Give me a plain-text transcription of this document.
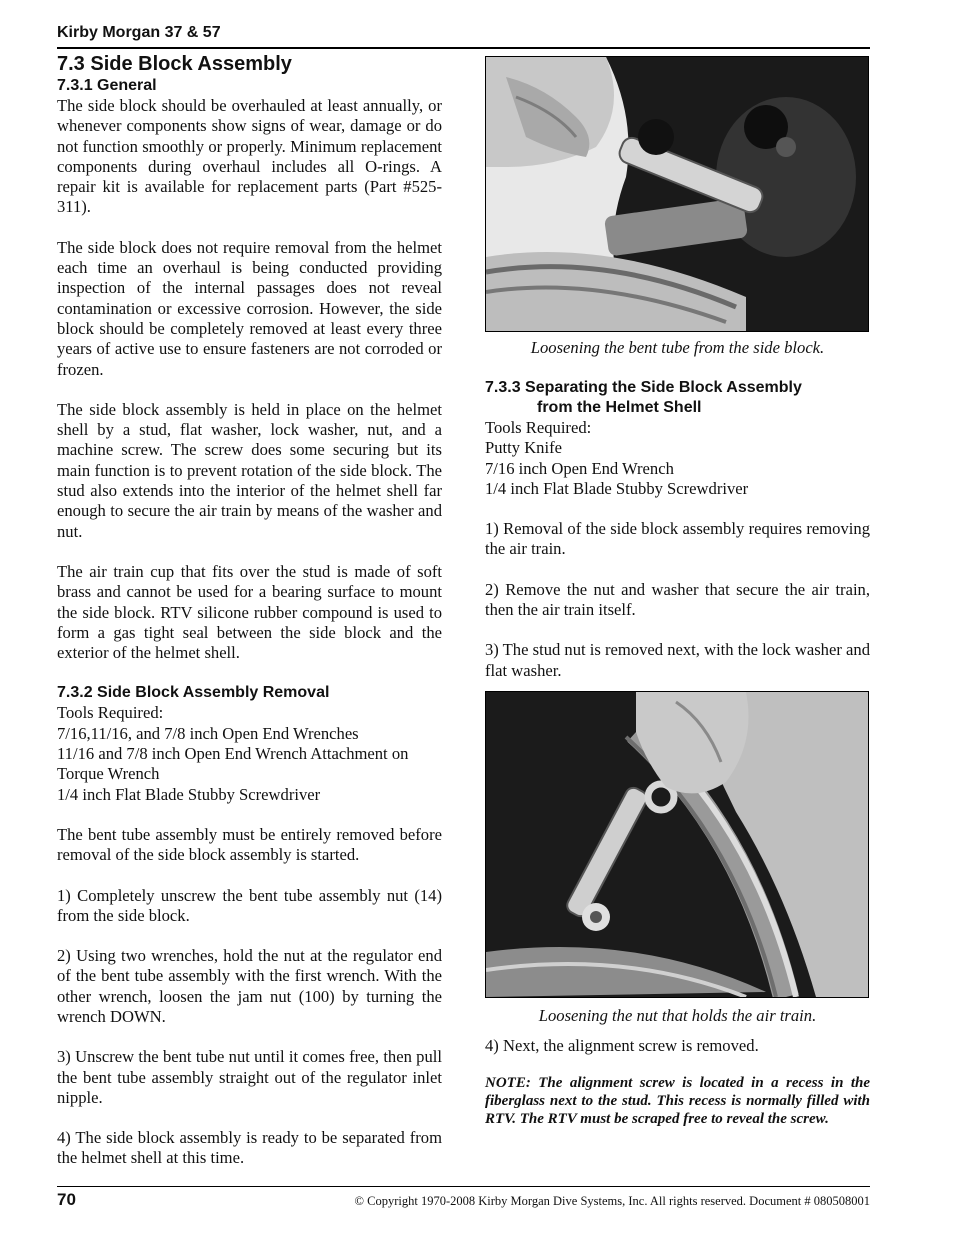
Kirby Morgan 37 & 57
7.3 Side Block Assembly
7.3.1 General

The side block should be overhauled at least annually, or whenever components show signs of wear, damage or do not function smoothly or properly. Minimum replacement components during overhaul includes all O-rings. A repair kit is available for replacement parts (Part #525-311).

The side block does not require removal from the helmet each time an overhaul is being conducted providing inspection of the internal passages does not reveal contamination or excessive corrosion. However, the side block should be completely removed at least every three years of active use to ensure fasteners are not corroded or frozen.

The side block assembly is held in place on the helmet shell by a stud, flat washer, lock washer, nut, and a machine screw. The screw does some securing but its main function is to prevent rotation of the side block. The stud also extends into the interior of the helmet shell far enough to secure the air train by means of the washer and nut.

The air train cup that fits over the stud is made of soft brass and cannot be used for a bearing surface to mount the side block. RTV silicone rubber compound is used to form a gas tight seal between the side block and the exterior of the helmet shell.

7.3.2 Side Block Assembly Removal

Tools Required:

7/16,11/16, and 7/8 inch Open End Wrenches

11/16 and 7/8 inch Open End Wrench Attachment on Torque Wrench

1/4 inch Flat Blade Stubby Screwdriver

The bent tube assembly must be entirely removed before removal of the side block assembly is started.

1) Completely unscrew the bent tube assembly nut (14) from the side block.

2) Using two wrenches, hold the nut at the regulator end of the bent tube assembly with the first wrench. With the other wrench, loosen the jam nut (100) by turning the wrench DOWN.

3) Unscrew the bent tube nut until it comes free, then pull the bent tube assembly straight out of the regulator inlet nipple.

4) The side block assembly is ready to be separated from the helmet shell at this time.

Loosening the bent tube from the side block.

7.3.3 Separating the Side Block Assembly
from the Helmet Shell

Tools Required:

Putty Knife

7/16 inch Open End Wrench

1/4 inch Flat Blade Stubby Screwdriver

1) Removal of the side block assembly requires removing the air train.

2) Remove the nut and washer that secure the air train, then the air train itself.

3) The stud nut is removed next, with the lock washer and flat washer.

Loosening the nut that holds the air train.

4) Next, the alignment screw is removed.

NOTE: The alignment screw is located in a recess in the fiberglass next to the stud. This recess is normally filled with RTV. The RTV must be scraped free to reveal the screw.

70	© Copyright 1970-2008 Kirby Morgan Dive Systems, Inc. All rights reserved. Document # 080508001
